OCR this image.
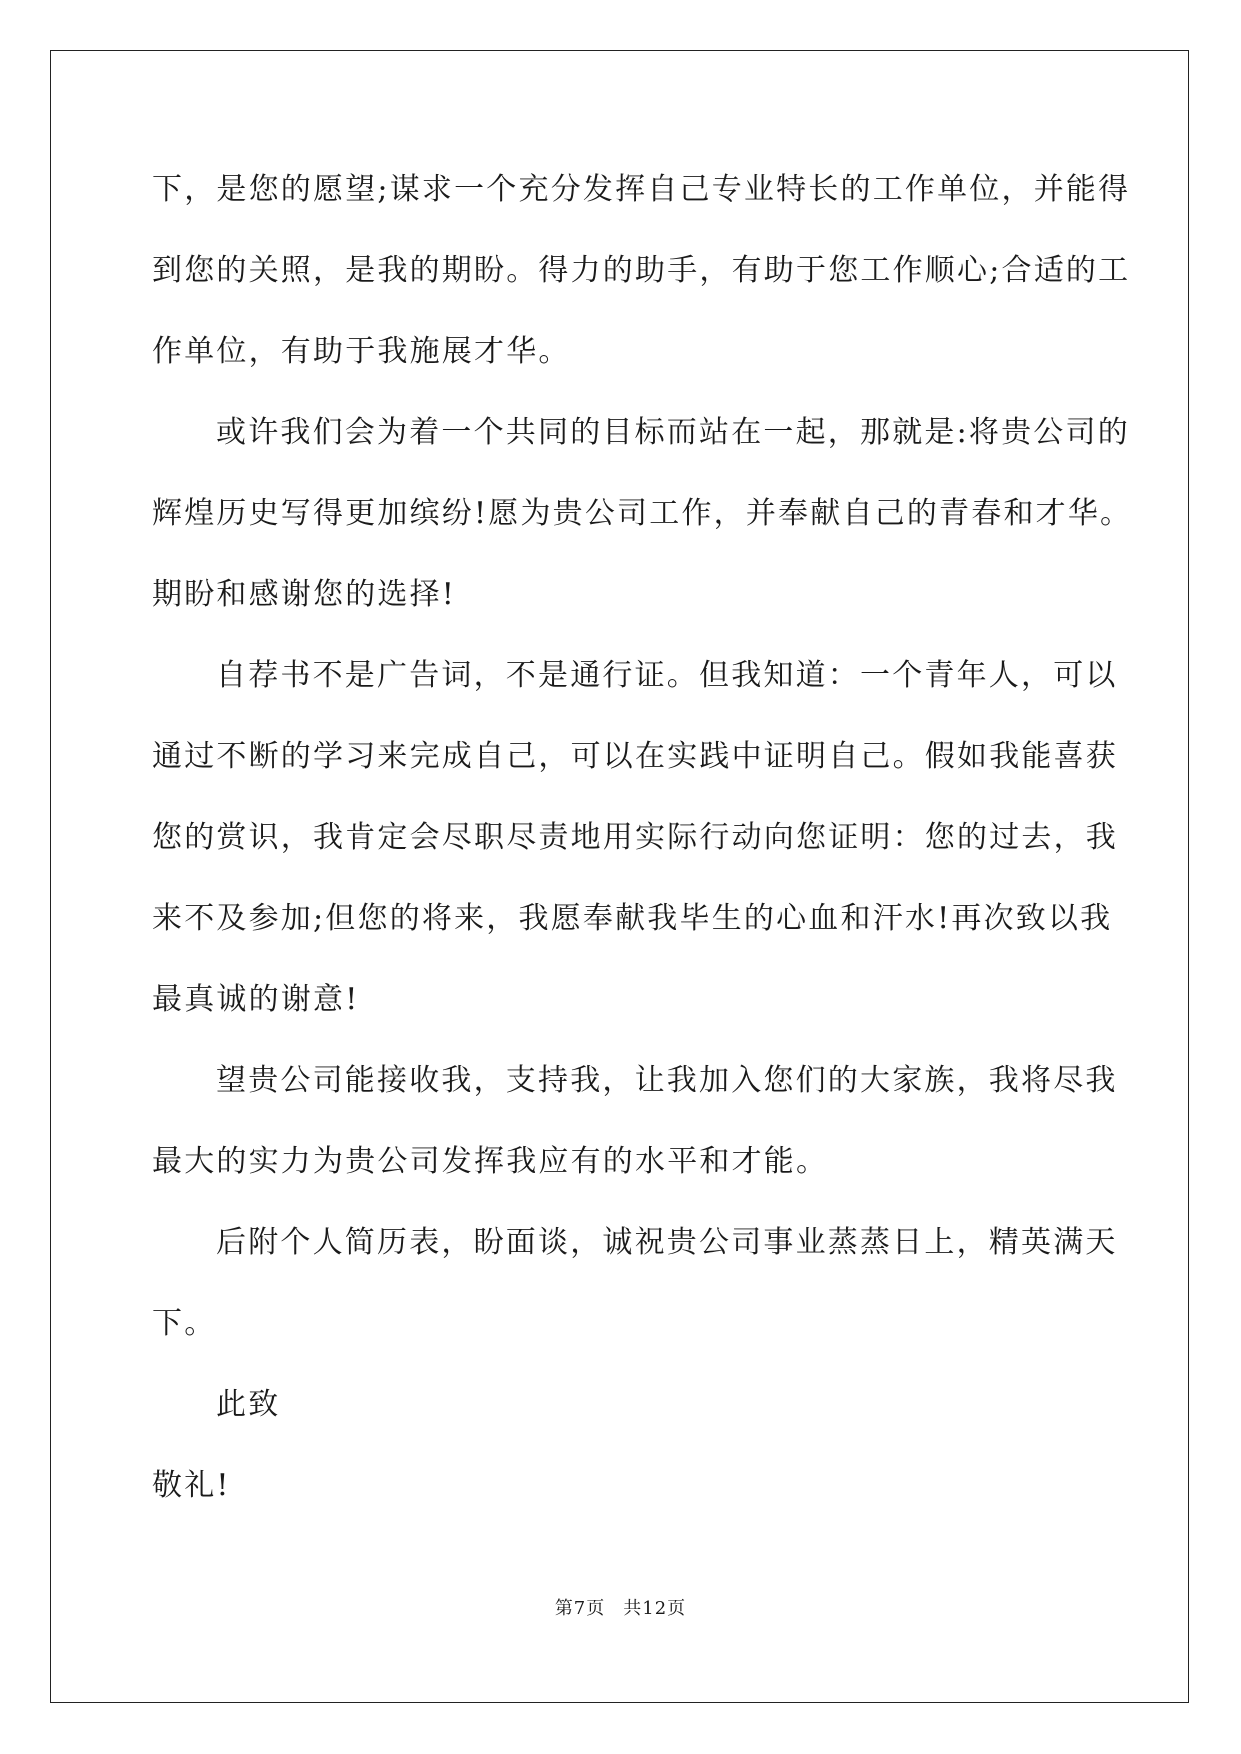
下，是您的愿望;谋求一个充分发挥自己专业特长的工作单位，并能得
到您的关照，是我的期盼。得力的助手，有助于您工作顺心;合适的工
作单位，有助于我施展才华。
或许我们会为着一个共同的目标而站在一起，那就是:将贵公司的
辉煌历史写得更加缤纷!愿为贵公司工作，并奉献自己的青春和才华。
期盼和感谢您的选择!
自荐书不是广告词，不是通行证。但我知道：一个青年人，可以
通过不断的学习来完成自己，可以在实践中证明自己。假如我能喜获
您的赏识，我肯定会尽职尽责地用实际行动向您证明：您的过去，我
来不及参加;但您的将来，我愿奉献我毕生的心血和汗水!再次致以我
最真诚的谢意!
望贵公司能接收我，支持我，让我加入您们的大家族，我将尽我
最大的实力为贵公司发挥我应有的水平和才能。
后附个人简历表，盼面谈，诚祝贵公司事业蒸蒸日上，精英满天
下。
此致
敬礼!
第7页 共12页
